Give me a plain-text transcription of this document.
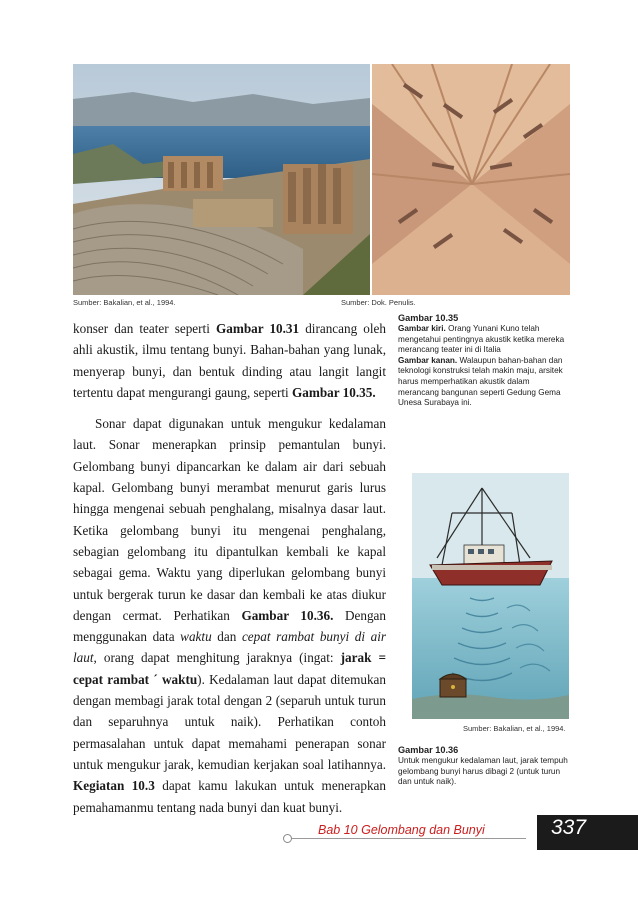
Sumber: Bakalian, et al., 1994.	Sumber: Dok. Penulis.
Gambar 10.35
Gambar kiri. Orang Yunani Kuno telah mengetahui pentingnya akustik ketika mereka merancang teater ini di Italia
Gambar kanan. Walaupun bahan-bahan dan teknologi konstruksi telah makin maju, arsitek harus memperhatikan akustik dalam merancang bangunan seperti Gedung Gema Unesa Surabaya ini.

konser dan teater seperti Gambar 10.31 dirancang oleh ahli akustik, ilmu tentang bunyi. Bahan-bahan yang lunak, menyerap bunyi, dan bentuk dinding atau langit langit tertentu dapat mengurangi gaung, seperti Gambar 10.35.

Sonar dapat digunakan untuk mengukur kedalaman laut. Sonar menerapkan prinsip pemantulan bunyi. Gelombang bunyi dipancarkan ke dalam air dari sebuah kapal. Gelombang bunyi merambat menurut garis lurus hingga mengenai sebuah penghalang, misalnya dasar laut. Ketika gelombang bunyi itu mengenai penghalang, sebagian gelombang itu dipantulkan kembali ke kapal sebagai gema. Waktu yang diperlukan gelombang bunyi untuk bergerak turun ke dasar dan kembali ke atas diukur dengan cermat. Perhatikan Gambar 10.36. Dengan menggunakan data waktu dan cepat rambat bunyi di air laut, orang dapat menghitung jaraknya (ingat: jarak = cepat rambat ´ waktu). Kedalaman laut dapat ditemukan dengan membagi jarak total dengan 2 (separuh untuk turun dan separuhnya untuk naik). Perhatikan contoh permasalahan untuk dapat memahami penerapan sonar untuk mengukur jarak, kemudian kerjakan soal latihannya. Kegiatan 10.3 dapat kamu lakukan untuk menerapkan pemahamanmu tentang nada bunyi dan kuat bunyi.

Sumber: Bakalian, et al., 1994.
Gambar 10.36
Untuk mengukur kedalaman laut, jarak tempuh gelombang bunyi harus dibagi 2 (untuk turun dan untuk naik).
Bab 10 Gelombang dan Bunyi	337
